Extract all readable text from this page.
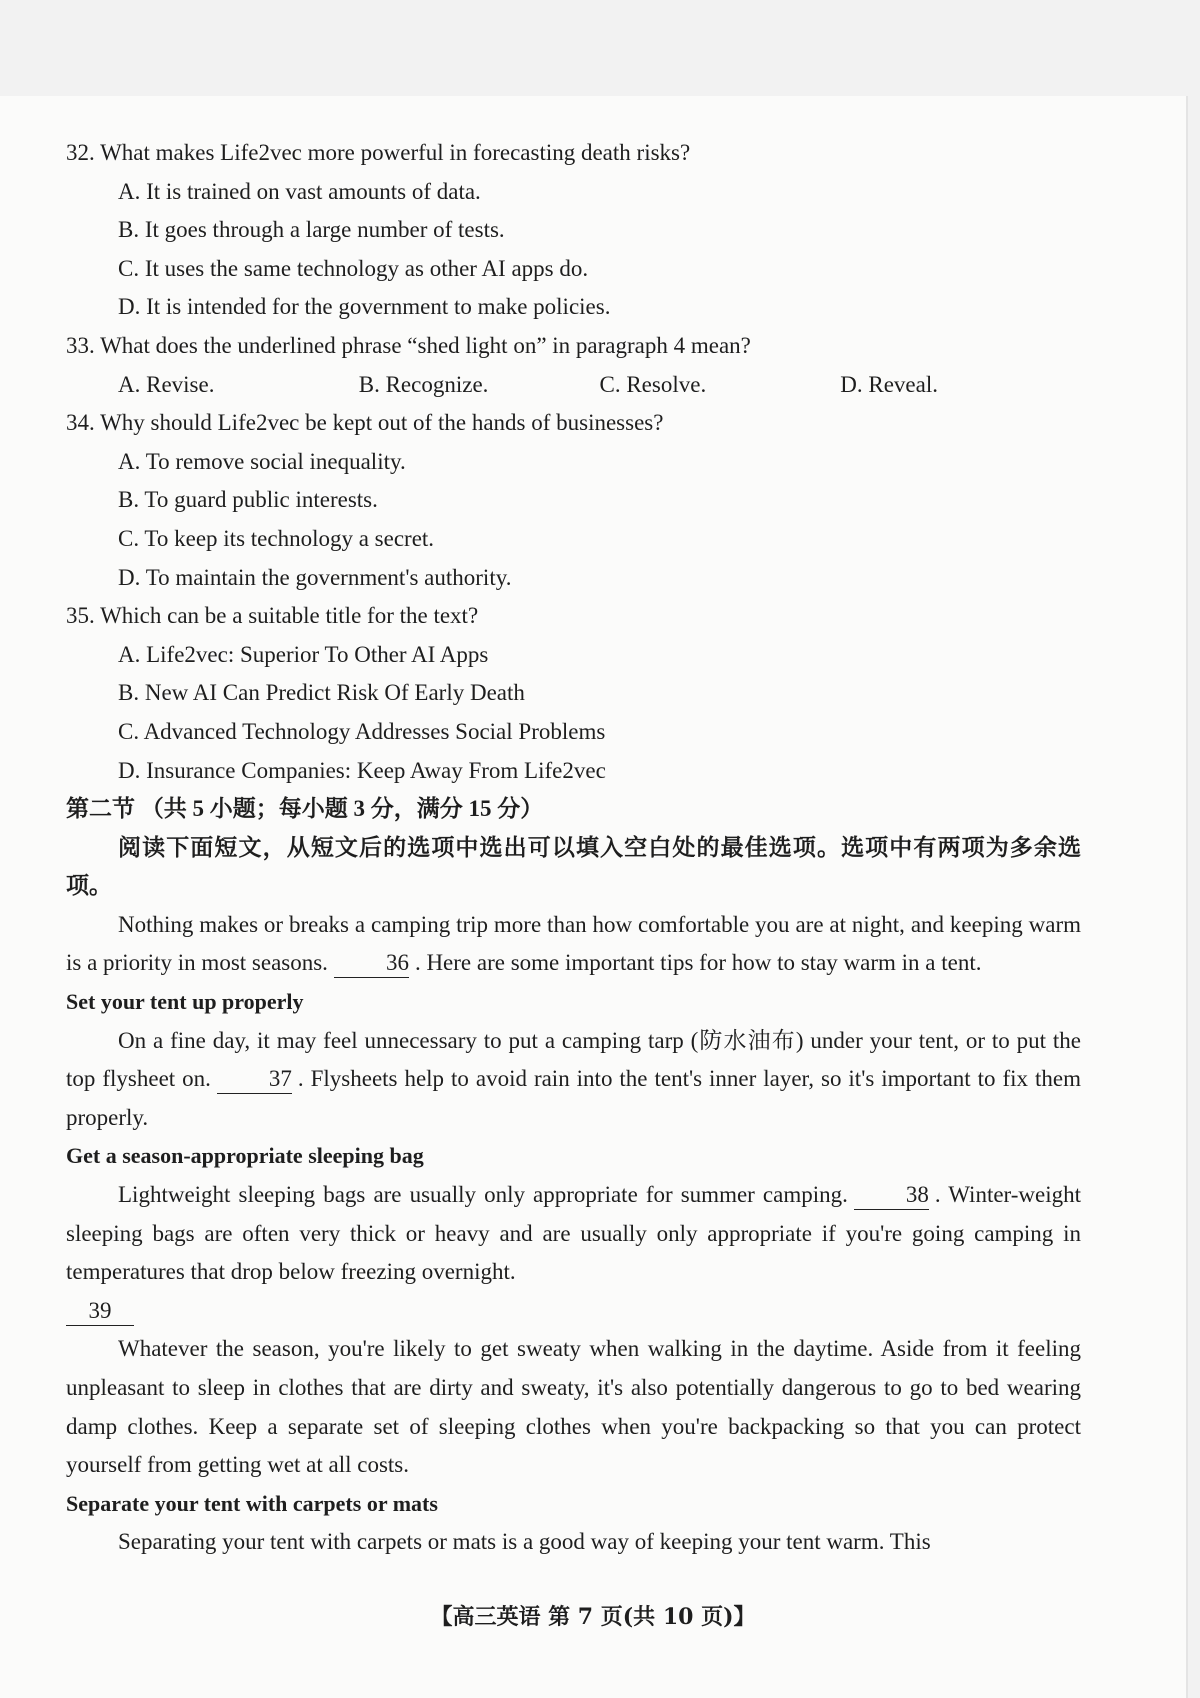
32. What makes Life2vec more powerful in forecasting death risks?
A. It is trained on vast amounts of data.
B. It goes through a large number of tests.
C. It uses the same technology as other AI apps do.
D. It is intended for the government to make policies.
33. What does the underlined phrase “shed light on” in paragraph 4 mean?
A. Revise.	B. Recognize.	C. Resolve.	D. Reveal.
34. Why should Life2vec be kept out of the hands of businesses?
A. To remove social inequality.
B. To guard public interests.
C. To keep its technology a secret.
D. To maintain the government's authority.
35. Which can be a suitable title for the text?
A. Life2vec: Superior To Other AI Apps
B. New AI Can Predict Risk Of Early Death
C. Advanced Technology Addresses Social Problems
D. Insurance Companies: Keep Away From Life2vec
第二节 （共 5 小题；每小题 3 分，满分 15 分）
阅读下面短文，从短文后的选项中选出可以填入空白处的最佳选项。选项中有两项为多余选项。
Nothing makes or breaks a camping trip more than how comfortable you are at night, and keeping warm is a priority in most seasons.	36 . Here are some important tips for how to stay warm in a tent.
Set your tent up properly
On a fine day, it may feel unnecessary to put a camping tarp (防水油布) under your tent, or to put the top flysheet on.	37 . Flysheets help to avoid rain into the tent's inner layer, so it's important to fix them properly.
Get a season-appropriate sleeping bag
Lightweight sleeping bags are usually only appropriate for summer camping.	38 . Winter-weight sleeping bags are often very thick or heavy and are usually only appropriate if you're going camping in temperatures that drop below freezing overnight.
39
Whatever the season, you're likely to get sweaty when walking in the daytime. Aside from it feeling unpleasant to sleep in clothes that are dirty and sweaty, it's also potentially dangerous to go to bed wearing damp clothes. Keep a separate set of sleeping clothes when you're backpacking so that you can protect yourself from getting wet at all costs.
Separate your tent with carpets or mats
Separating your tent with carpets or mats is a good way of keeping your tent warm. This
【高三英语 第 7 页(共 10 页)】
